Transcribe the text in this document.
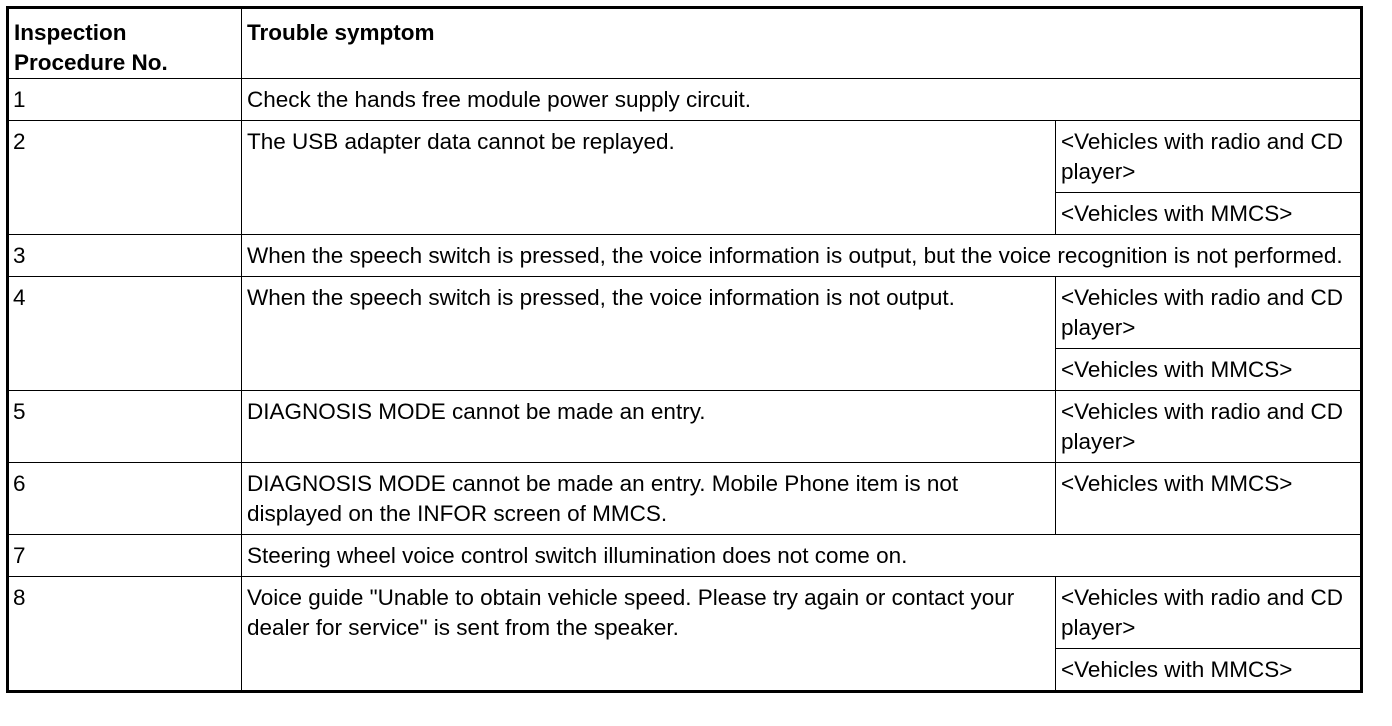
Inspection Procedure No.	Trouble symptom	
1	Check the hands free module power supply circuit.	
2	The USB adapter data cannot be replayed.	<Vehicles with radio and CD player>
		<Vehicles with MMCS>
3	When the speech switch is pressed, the voice information is output, but the voice recognition is not performed.	
4	When the speech switch is pressed, the voice information is not output.	<Vehicles with radio and CD player>
		<Vehicles with MMCS>
5	DIAGNOSIS MODE cannot be made an entry.	<Vehicles with radio and CD player>
6	DIAGNOSIS MODE cannot be made an entry. Mobile Phone item is not displayed on the INFOR screen of MMCS.	<Vehicles with MMCS>
7	Steering wheel voice control switch illumination does not come on.	
8	Voice guide "Unable to obtain vehicle speed. Please try again or contact your dealer for service" is sent from the speaker.	<Vehicles with radio and CD player>
		<Vehicles with MMCS>
